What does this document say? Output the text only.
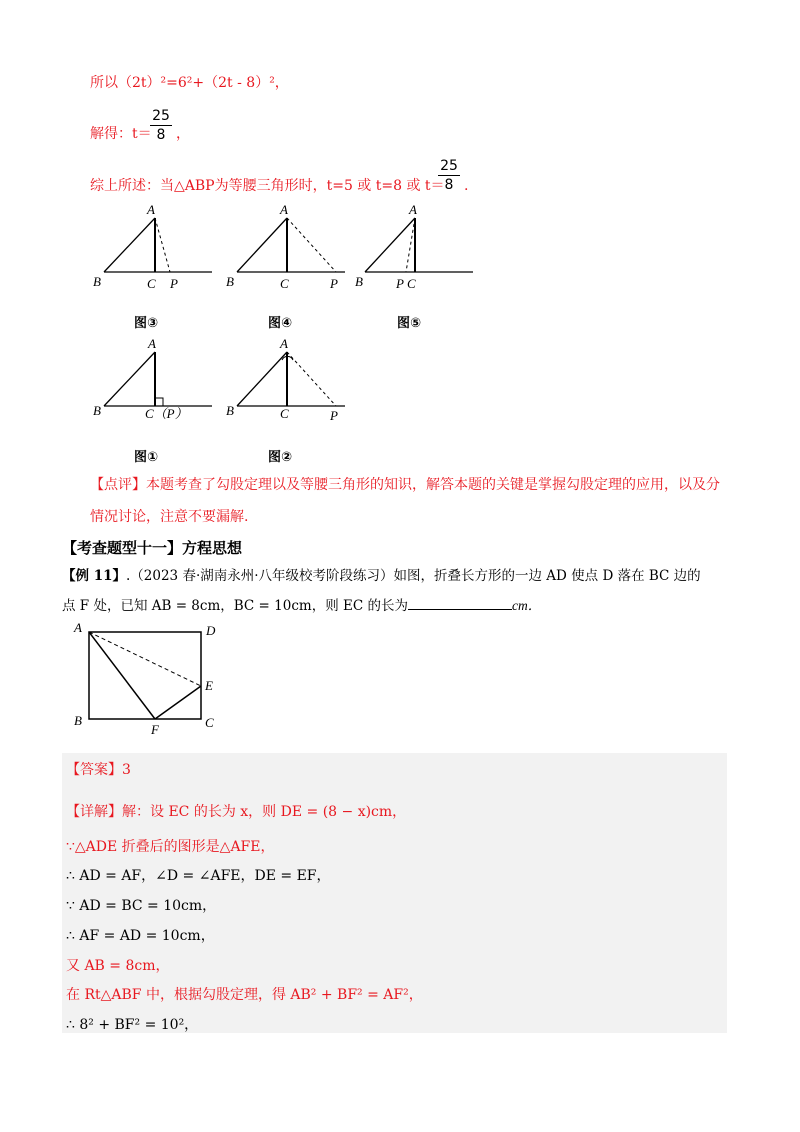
所以（2t）²=6²+（2t - 8）²，
解得：t＝
25
8 ，
综上所述：当△ABP为等腰三角形时，t=5 或 t=8 或 t＝
25
8 .
A
B	C P
A
B	C	P
A
B	P C
A
B	C（P）
A
B	C	P
图③	图④	图⑤
图①	图②
【点评】本题考查了勾股定理以及等腰三角形的知识，解答本题的关键是掌握勾股定理的应用，以及分
情况讨论，注意不要漏解.
【考查题型十一】方程思想
【例 11】.（2023 春·湖南永州·八年级校考阶段练习）如图，折叠长方形的一边 AD 使点 D 落在 BC 边的
点 F 处，已知 AB = 8cm，BC = 10cm，则 EC 的长为	cm．
A	D
E
B
F	C
【答案】3
【详解】解：设 EC 的长为 x，则 DE = (8 − x)cm，
∵△ADE 折叠后的图形是△AFE，
∴ AD = AF，∠D = ∠AFE，DE = EF，
∵ AD = BC = 10cm，
∴ AF = AD = 10cm，
又 AB = 8cm，
在 Rt△ABF 中，根据勾股定理，得 AB² + BF² = AF²，
∴ 8² + BF² = 10²，
